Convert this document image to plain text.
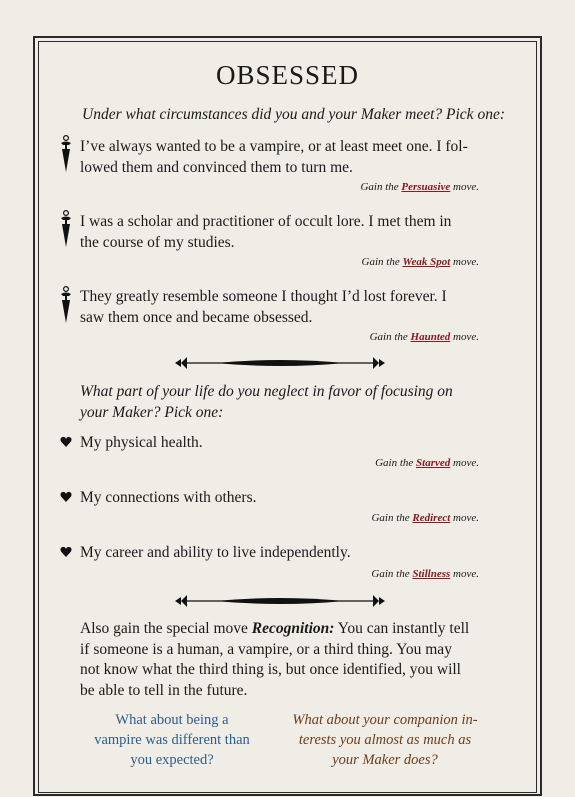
OBSESSED
Under what circumstances did you and your Maker meet? Pick one:
I’ve always wanted to be a vampire, or at least meet one. I fol-
lowed them and convinced them to turn me.
Gain the Persuasive move.
I was a scholar and practitioner of occult lore. I met them in
the course of my studies.
Gain the Weak Spot move.
They greatly resemble someone I thought I’d lost forever. I
saw them once and became obsessed.
Gain the Haunted move.
What part of your life do you neglect in favor of focusing on
your Maker? Pick one:
My physical health.
Gain the Starved move.
My connections with others.
Gain the Redirect move.
My career and ability to live independently.
Gain the Stillness move.
Also gain the special move Recognition: You can instantly tell
if someone is a human, a vampire, or a third thing. You may
not know what the third thing is, but once identified, you will
be able to tell in the future.
What about being a
vampire was different than
you expected?
What about your companion in-
terests you almost as much as
your Maker does?
